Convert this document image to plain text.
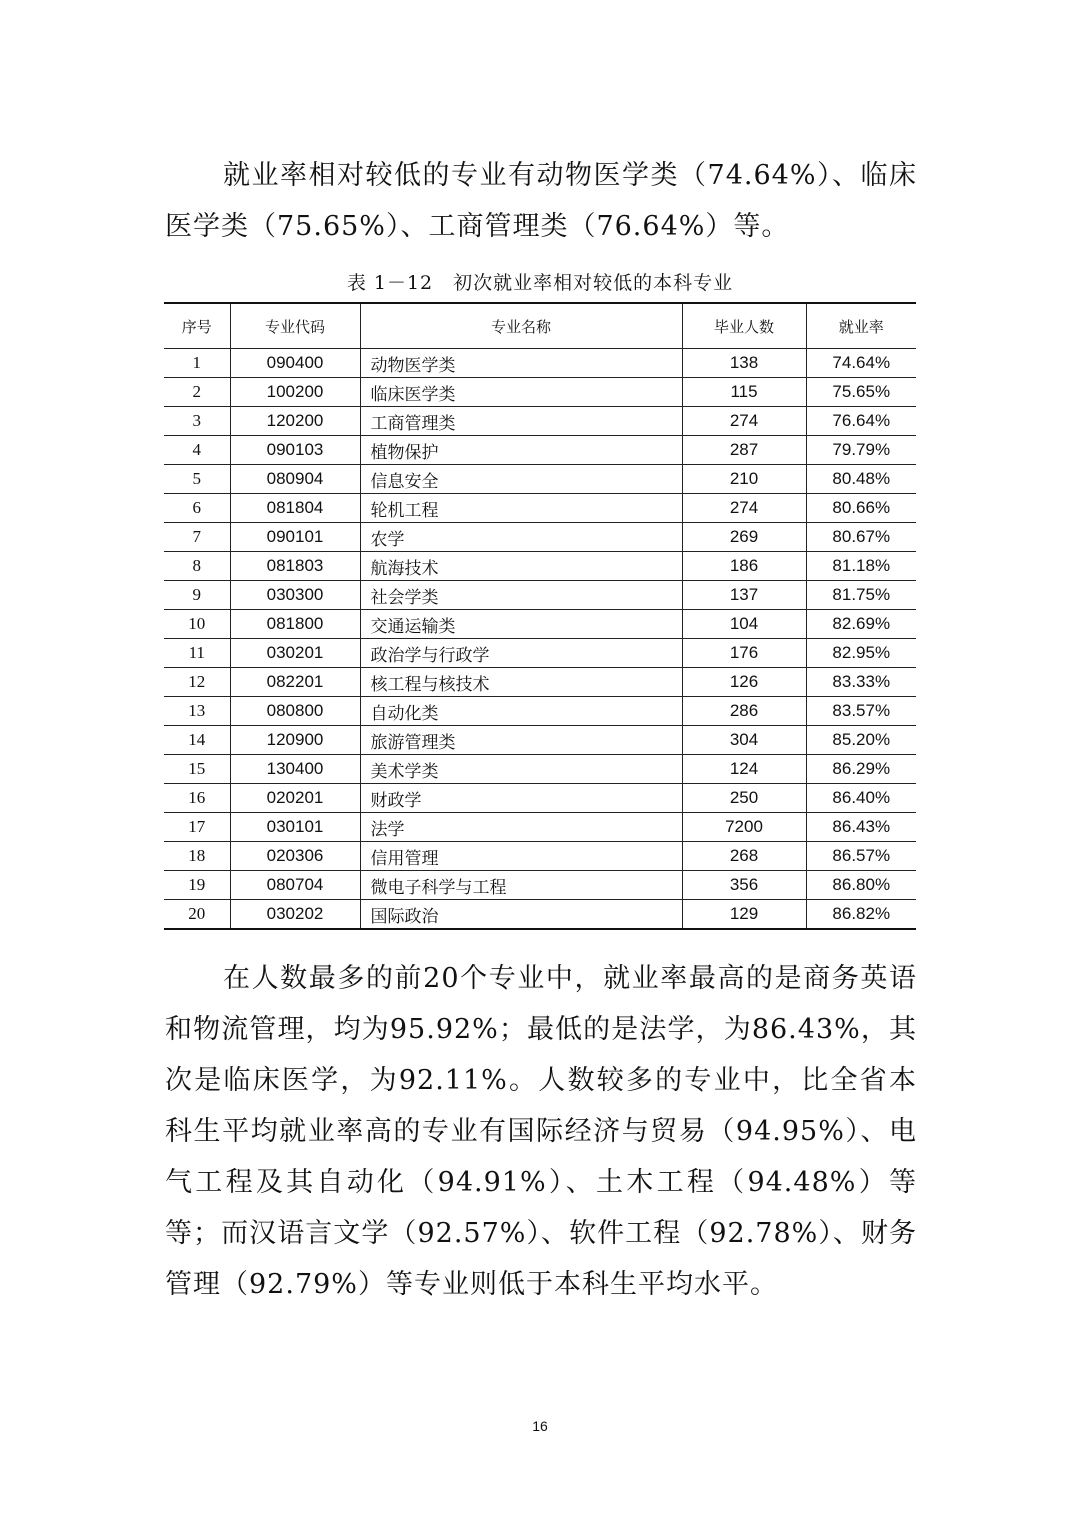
就业率相对较低的专业有动物医学类（74.64%）、临床医学类（75.65%）、工商管理类（76.64%）等。

表 1－12　初次就业率相对较低的本科专业

序号	专业代码	专业名称	毕业人数	就业率
1	090400	动物医学类	138	74.64%
2	100200	临床医学类	115	75.65%
3	120200	工商管理类	274	76.64%
4	090103	植物保护	287	79.79%
5	080904	信息安全	210	80.48%
6	081804	轮机工程	274	80.66%
7	090101	农学	269	80.67%
8	081803	航海技术	186	81.18%
9	030300	社会学类	137	81.75%
10	081800	交通运输类	104	82.69%
11	030201	政治学与行政学	176	82.95%
12	082201	核工程与核技术	126	83.33%
13	080800	自动化类	286	83.57%
14	120900	旅游管理类	304	85.20%
15	130400	美术学类	124	86.29%
16	020201	财政学	250	86.40%
17	030101	法学	7200	86.43%
18	020306	信用管理	268	86.57%
19	080704	微电子科学与工程	356	86.80%
20	030202	国际政治	129	86.82%

在人数最多的前20个专业中，就业率最高的是商务英语和物流管理，均为95.92%；最低的是法学，为86.43%，其次是临床医学，为92.11%。人数较多的专业中，比全省本科生平均就业率高的专业有国际经济与贸易（94.95%）、电气工程及其自动化（94.91%）、土木工程（94.48%）等等；而汉语言文学（92.57%）、软件工程（92.78%）、财务管理（92.79%）等专业则低于本科生平均水平。

16
